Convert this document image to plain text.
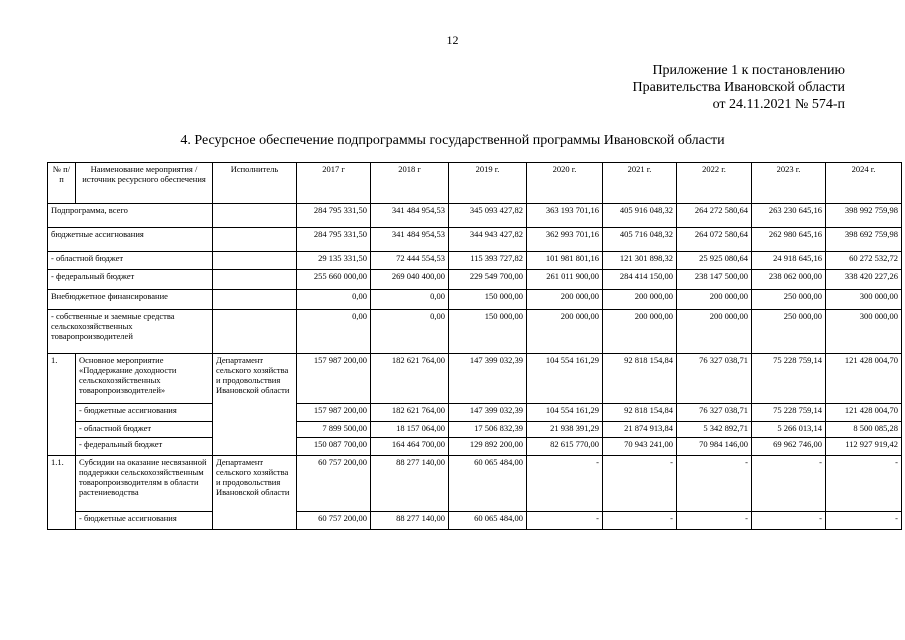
12
Приложение 1 к постановлению
Правительства Ивановской области
от 24.11.2021 № 574-п
4. Ресурсное обеспечение подпрограммы государственной программы Ивановской области
№ п/п	Наименование мероприятия / источник ресурсного обеспечения	Исполнитель	2017 г	2018 г	2019 г.	2020 г.	2021 г.	2022 г.	2023 г.	2024 г.
Подпрограмма, всего			284 795 331,50	341 484 954,53	345 093 427,82	363 193 701,16	405 916 048,32	264 272 580,64	263 230 645,16	398 992 759,98
бюджетные ассигнования			284 795 331,50	341 484 954,53	344 943 427,82	362 993 701,16	405 716 048,32	264 072 580,64	262 980 645,16	398 692 759,98
- областной бюджет			29 135 331,50	72 444 554,53	115 393 727,82	101 981 801,16	121 301 898,32	25 925 080,64	24 918 645,16	60 272 532,72
- федеральный бюджет			255 660 000,00	269 040 400,00	229 549 700,00	261 011 900,00	284 414 150,00	238 147 500,00	238 062 000,00	338 420 227,26
Внебюджетное финансирование			0,00	0,00	150 000,00	200 000,00	200 000,00	200 000,00	250 000,00	300 000,00
- собственные и заемные средства сельскохозяйственных товаропроизводителей			0,00	0,00	150 000,00	200 000,00	200 000,00	200 000,00	250 000,00	300 000,00
1.	Основное мероприятие «Поддержание доходности сельскохозяйственных товаропроизводителей»	Департамент сельского хозяйства и продовольствия Ивановской области	157 987 200,00	182 621 764,00	147 399 032,39	104 554 161,29	92 818 154,84	76 327 038,71	75 228 759,14	121 428 004,70
	- бюджетные ассигнования		157 987 200,00	182 621 764,00	147 399 032,39	104 554 161,29	92 818 154,84	76 327 038,71	75 228 759,14	121 428 004,70
	- областной бюджет		7 899 500,00	18 157 064,00	17 506 832,39	21 938 391,29	21 874 913,84	5 342 892,71	5 266 013,14	8 500 085,28
	- федеральный бюджет		150 087 700,00	164 464 700,00	129 892 200,00	82 615 770,00	70 943 241,00	70 984 146,00	69 962 746,00	112 927 919,42
1.1.	Субсидии на оказание несвязанной поддержки сельскохозяйственным товаропроизводителям в области растениеводства	Департамент сельского хозяйства и продовольствия Ивановской области	60 757 200,00	88 277 140,00	60 065 484,00	-	-	-	-	-
	- бюджетные ассигнования		60 757 200,00	88 277 140,00	60 065 484,00	-	-	-	-	-
